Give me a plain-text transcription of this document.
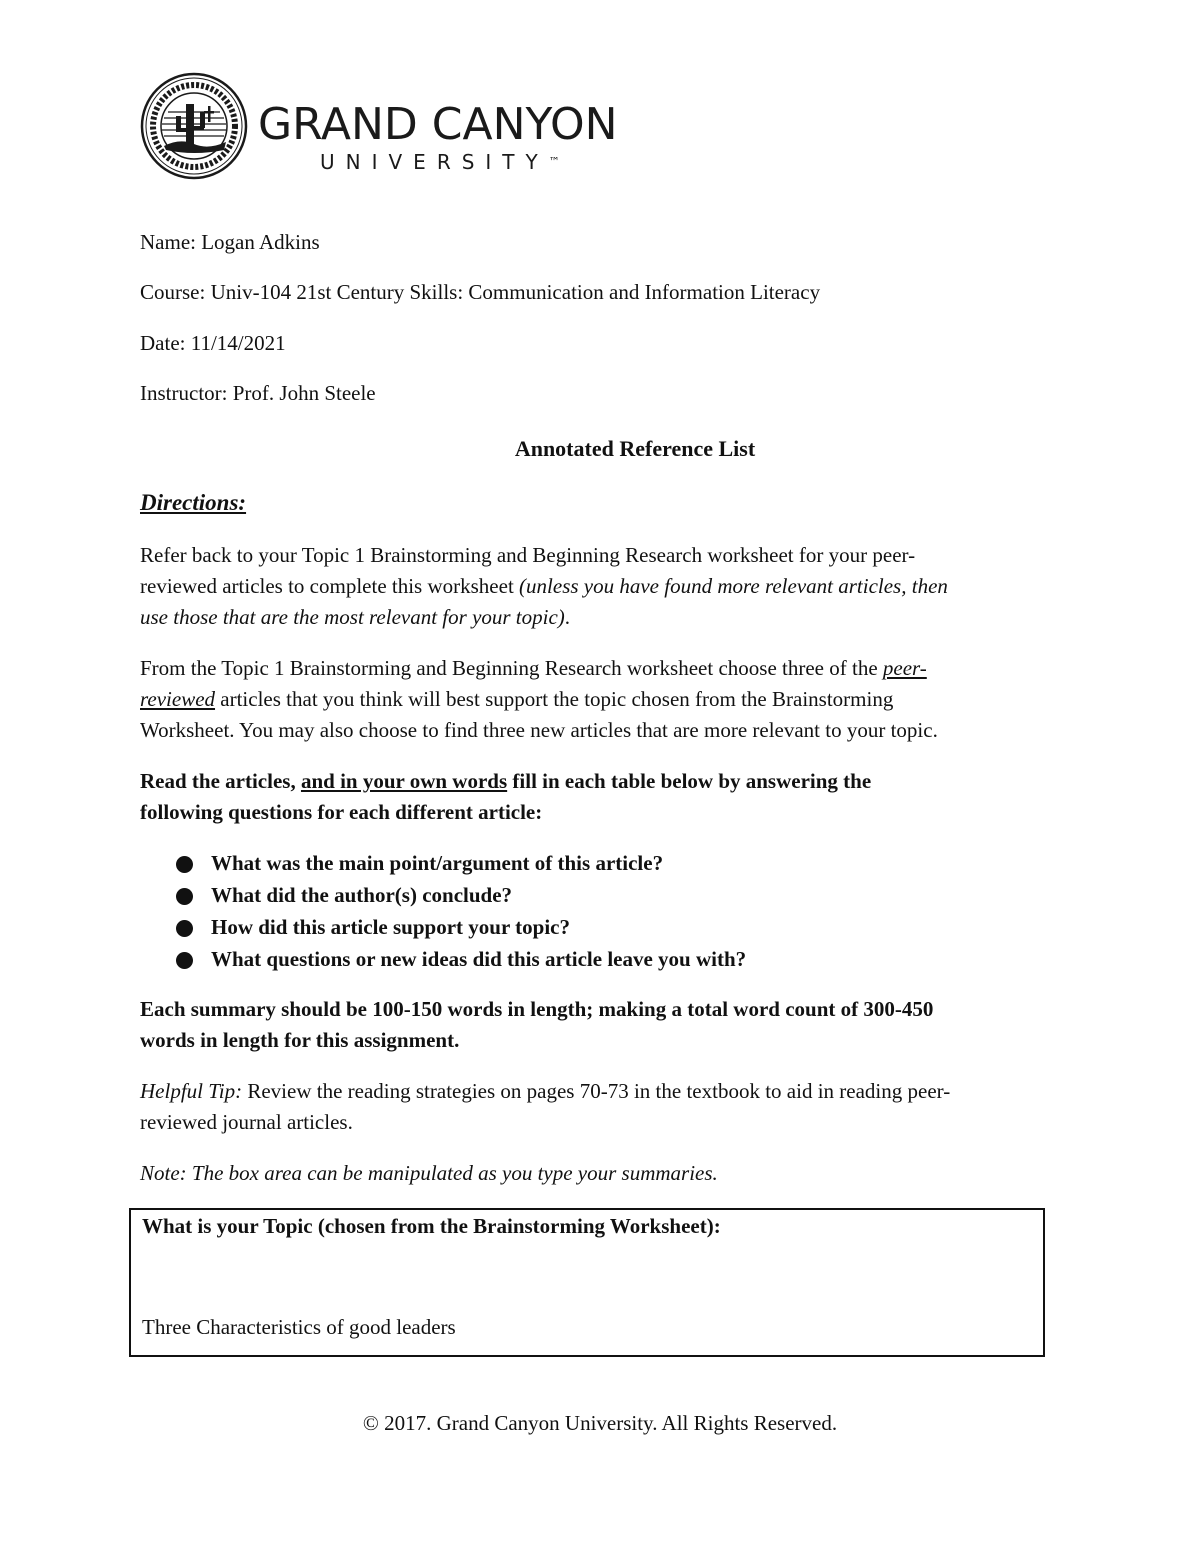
GRAND CANYON
UNIVERSITY™
Name: Logan Adkins
Course: Univ-104 21st Century Skills: Communication and Information Literacy
Date: 11/14/2021
Instructor: Prof. John Steele
Annotated Reference List
Directions:
Refer back to your Topic 1 Brainstorming and Beginning Research worksheet for your peer-
reviewed articles to complete this worksheet (unless you have found more relevant articles, then
use those that are the most relevant for your topic).
From the Topic 1 Brainstorming and Beginning Research worksheet choose three of the peer-
reviewed articles that you think will best support the topic chosen from the Brainstorming
Worksheet. You may also choose to find three new articles that are more relevant to your topic.
Read the articles, and in your own words fill in each table below by answering the
following questions for each different article:
What was the main point/argument of this article?
What did the author(s) conclude?
How did this article support your topic?
What questions or new ideas did this article leave you with?
Each summary should be 100-150 words in length; making a total word count of 300-450
words in length for this assignment.
Helpful Tip: Review the reading strategies on pages 70-73 in the textbook to aid in reading peer-
reviewed journal articles.
Note: The box area can be manipulated as you type your summaries.
What is your Topic (chosen from the Brainstorming Worksheet):
Three Characteristics of good leaders
© 2017. Grand Canyon University. All Rights Reserved.
